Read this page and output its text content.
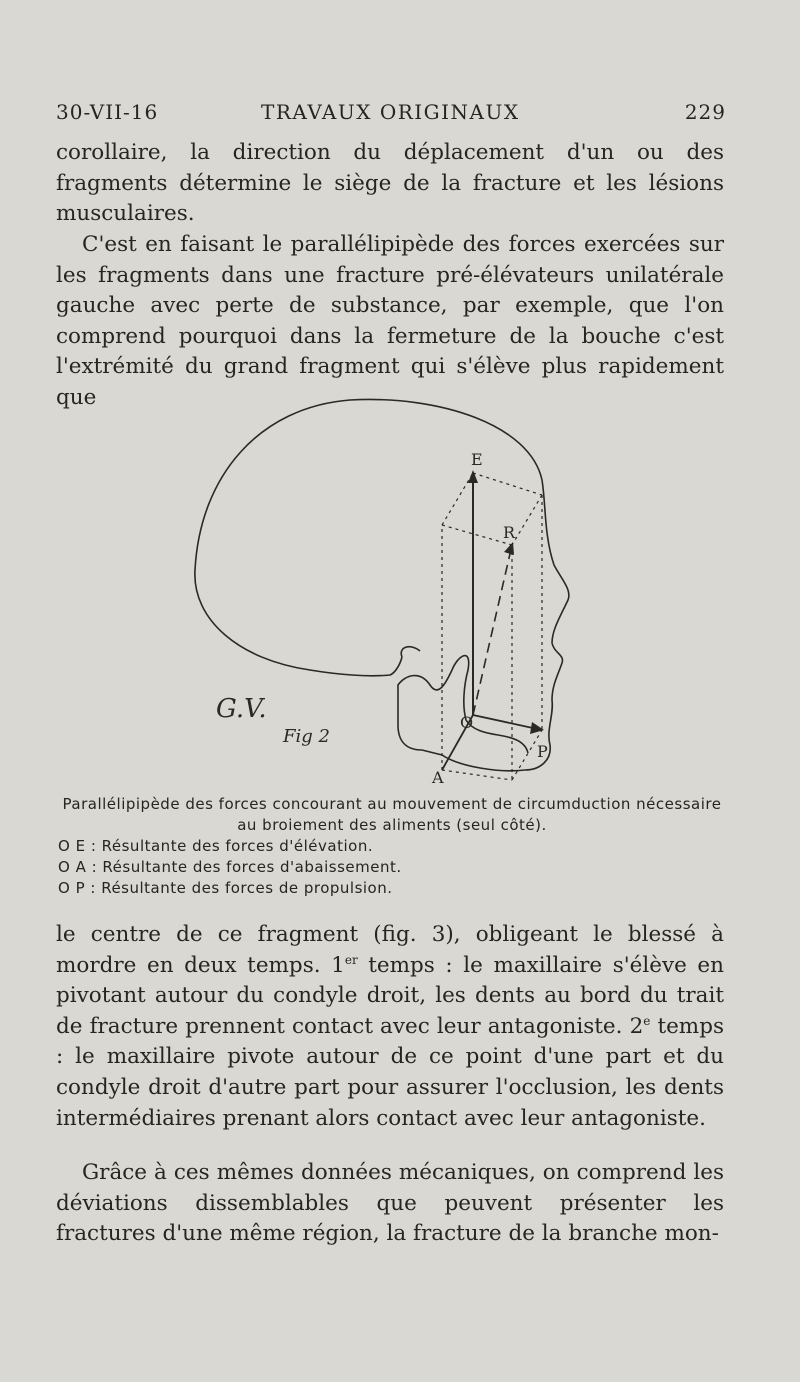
30-VII-16	TRAVAUX ORIGINAUX	229

corollaire, la direction du déplacement d'un ou des fragments détermine le siège de la fracture et les lésions musculaires.

C'est en faisant le parallélipipède des forces exercées sur les fragments dans une fracture pré-élévateurs unilatérale gauche avec perte de substance, par exemple, que l'on comprend pourquoi dans la fermeture de la bouche c'est l'extrémité du grand fragment qui s'élève plus rapidement que

E
R
O
A
P
Fig 2
G.V.
Parallélipipède des forces concourant au mouvement de circumduction nécessaire au broiement des aliments (seul côté).
O E : Résultante des forces d'élévation.
O A : Résultante des forces d'abaissement.
O P : Résultante des forces de propulsion.

le centre de ce fragment (fig. 3), obligeant le blessé à mordre en deux temps. 1er temps : le maxillaire s'élève en pivotant autour du condyle droit, les dents au bord du trait de fracture prennent contact avec leur antagoniste. 2e temps : le maxillaire pivote autour de ce point d'une part et du condyle droit d'autre part pour assurer l'occlusion, les dents intermédiaires prenant alors contact avec leur antagoniste.

Grâce à ces mêmes données mécaniques, on comprend les déviations dissemblables que peuvent présenter les fractures d'une même région, la fracture de la branche mon-
